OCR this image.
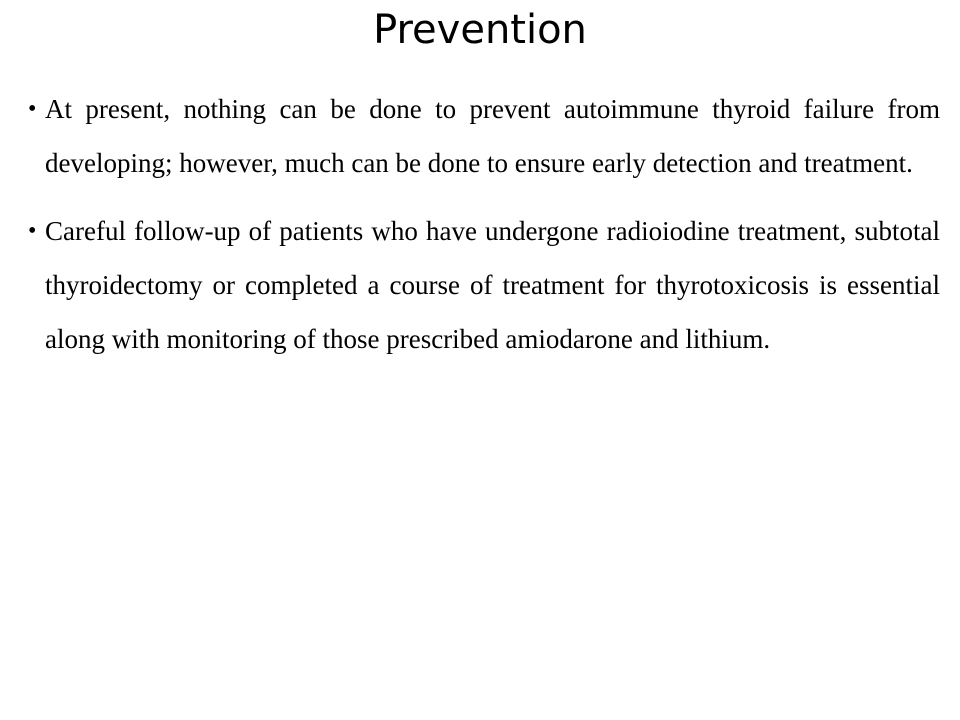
Prevention
• At present, nothing can be done to prevent autoimmune thyroid failure from developing; however, much can be done to ensure early detection and treatment.

• Careful follow-up of patients who have undergone radioiodine treatment, subtotal thyroidectomy or completed a course of treatment for thyrotoxicosis is essential along with monitoring of those prescribed amiodarone and lithium.
